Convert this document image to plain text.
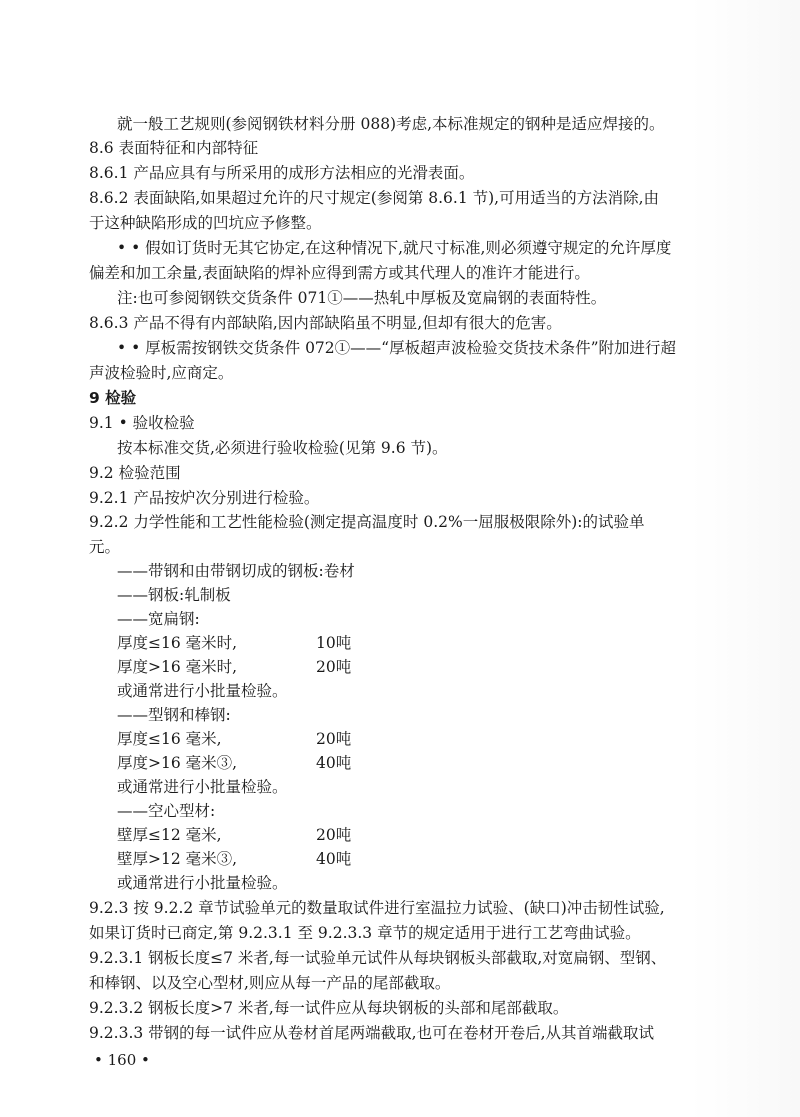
就一般工艺规则(参阅钢铁材料分册 088)考虑,本标准规定的钢种是适应焊接的。
8.6 表面特征和内部特征
8.6.1 产品应具有与所采用的成形方法相应的光滑表面。
8.6.2 表面缺陷,如果超过允许的尺寸规定(参阅第 8.6.1 节),可用适当的方法消除,由
于这种缺陷形成的凹坑应予修整。
• • 假如订货时无其它协定,在这种情况下,就尺寸标准,则必须遵守规定的允许厚度
偏差和加工余量,表面缺陷的焊补应得到需方或其代理人的准许才能进行。
注:也可参阅钢铁交货条件 071①——热轧中厚板及宽扁钢的表面特性。
8.6.3 产品不得有内部缺陷,因内部缺陷虽不明显,但却有很大的危害。
• • 厚板需按钢铁交货条件 072①——“厚板超声波检验交货技术条件”附加进行超
声波检验时,应商定。
9 检验
9.1 • 验收检验
按本标准交货,必须进行验收检验(见第 9.6 节)。
9.2 检验范围
9.2.1 产品按炉次分别进行检验。
9.2.2 力学性能和工艺性能检验(测定提高温度时 0.2%一屈服极限除外):的试验单
元。
——带钢和由带钢切成的钢板:卷材
——钢板:轧制板
——宽扁钢:
厚度≤16 毫米时,	10吨
厚度>16 毫米时,	20吨
或通常进行小批量检验。
——型钢和棒钢:
厚度≤16 毫米,	20吨
厚度>16 毫米③,	40吨
或通常进行小批量检验。
——空心型材:
壁厚≤12 毫米,	20吨
壁厚>12 毫米③,	40吨
或通常进行小批量检验。
9.2.3 按 9.2.2 章节试验单元的数量取试件进行室温拉力试验、(缺口)冲击韧性试验,
如果订货时已商定,第 9.2.3.1 至 9.2.3.3 章节的规定适用于进行工艺弯曲试验。
9.2.3.1 钢板长度≤7 米者,每一试验单元试件从每块钢板头部截取,对宽扁钢、型钢、
和棒钢、以及空心型材,则应从每一产品的尾部截取。
9.2.3.2 钢板长度>7 米者,每一试件应从每块钢板的头部和尾部截取。
9.2.3.3 带钢的每一试件应从卷材首尾两端截取,也可在卷材开卷后,从其首端截取试
• 160 •
